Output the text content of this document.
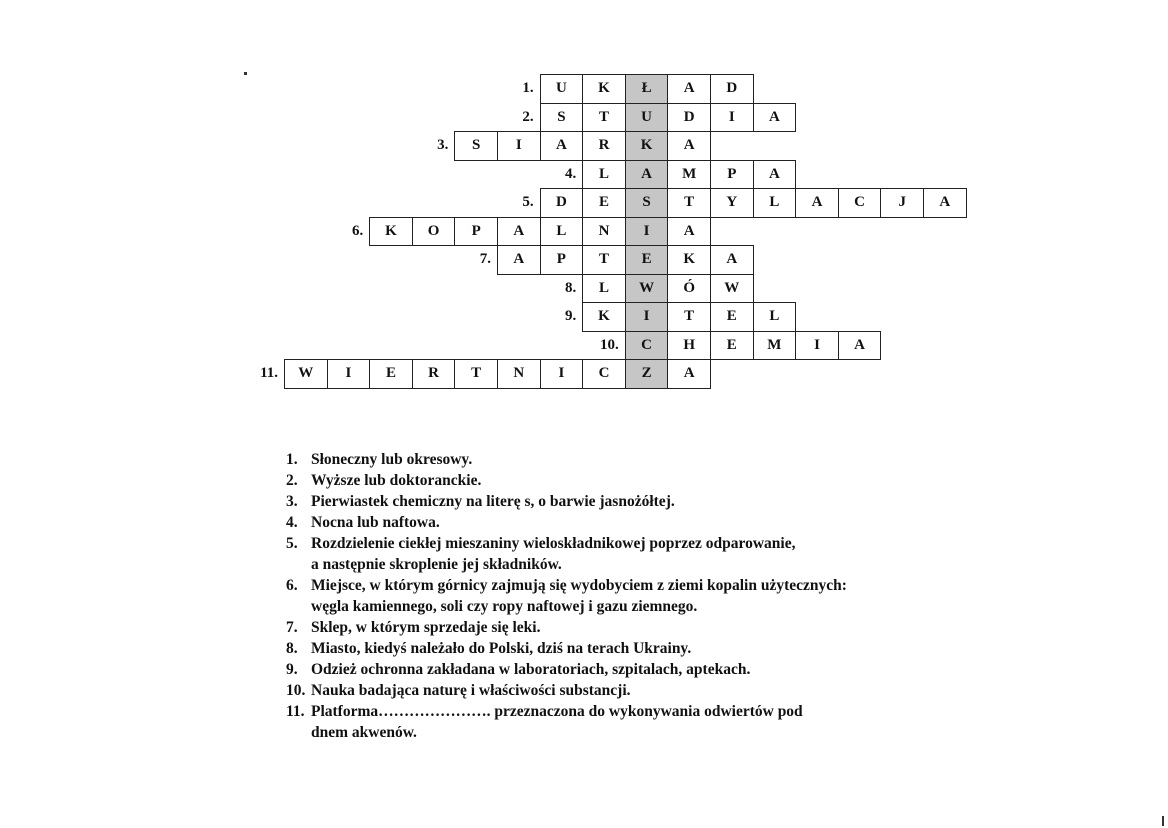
1.	U	K	Ł	A	D
2.	S	T	U	D	I	A
3.	S	I	A	R	K	A
4.	L	A	M	P	A
5.	D	E	S	T	Y	L	A	C	J	A
6.	K	O	P	A	L	N	I	A
7.	A	P	T	E	K	A
8.	L	W	Ó	W
9.	K	I	T	E	L
10.	C	H	E	M	I	A
11.	W	I	E	R	T	N	I	C	Z	A
1. Słoneczny lub okresowy.
2. Wyższe lub doktoranckie.
3. Pierwiastek chemiczny na literę s, o barwie jasnożółtej.
4. Nocna lub naftowa.
5. Rozdzielenie ciekłej mieszaniny wieloskładnikowej poprzez odparowanie,
a następnie skroplenie jej składników.
6. Miejsce, w którym górnicy zajmują się wydobyciem z ziemi kopalin użytecznych:
węgla kamiennego, soli czy ropy naftowej i gazu ziemnego.
7. Sklep, w którym sprzedaje się leki.
8. Miasto, kiedyś należało do Polski, dziś na terach Ukrainy.
9. Odzież ochronna zakładana w laboratoriach, szpitalach, aptekach.
10. Nauka badająca naturę i właściwości substancji.
11. Platforma…………………. przeznaczona do wykonywania odwiertów pod
dnem akwenów.
